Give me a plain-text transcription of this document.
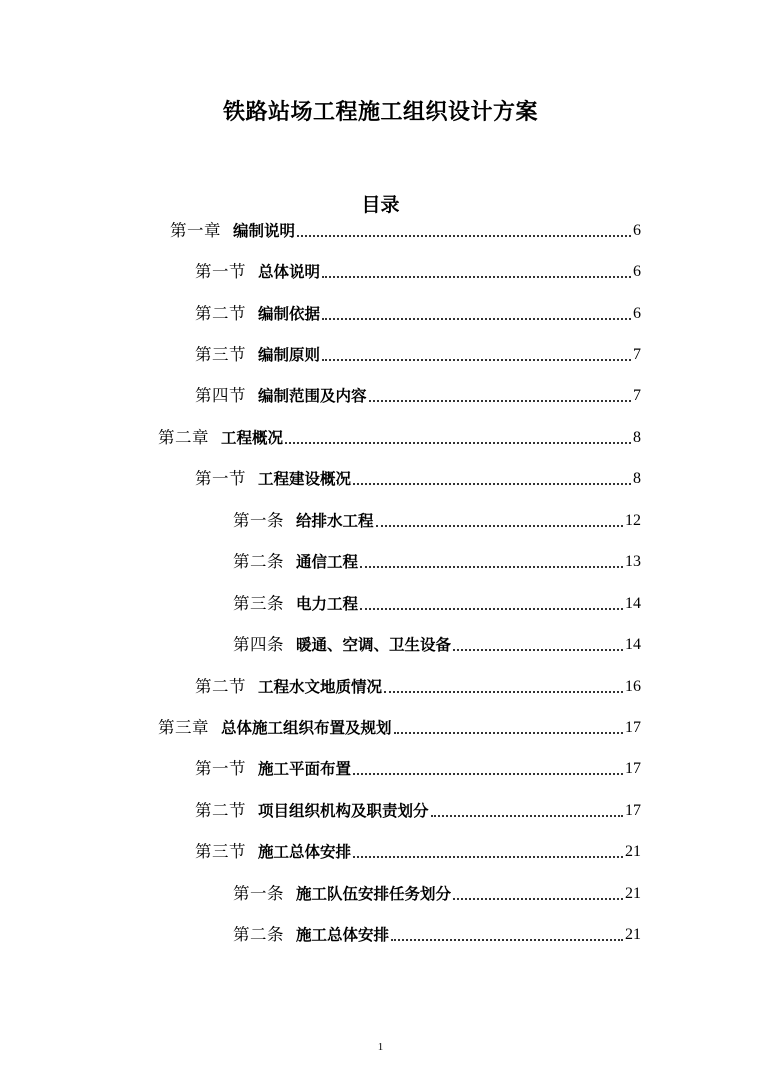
铁路站场工程施工组织设计方案
目录
第一章 编制说明	6
第一节 总体说明	6
第二节 编制依据	6
第三节 编制原则	7
第四节 编制范围及内容	7
第二章 工程概况	8
第一节 工程建设概况	8
第一条 给排水工程	12
第二条 通信工程	13
第三条 电力工程	14
第四条 暖通、空调、卫生设备	14
第二节 工程水文地质情况	16
第三章 总体施工组织布置及规划	17
第一节 施工平面布置	17
第二节 项目组织机构及职责划分	17
第三节 施工总体安排	21
第一条 施工队伍安排任务划分	21
第二条 施工总体安排	21
1
